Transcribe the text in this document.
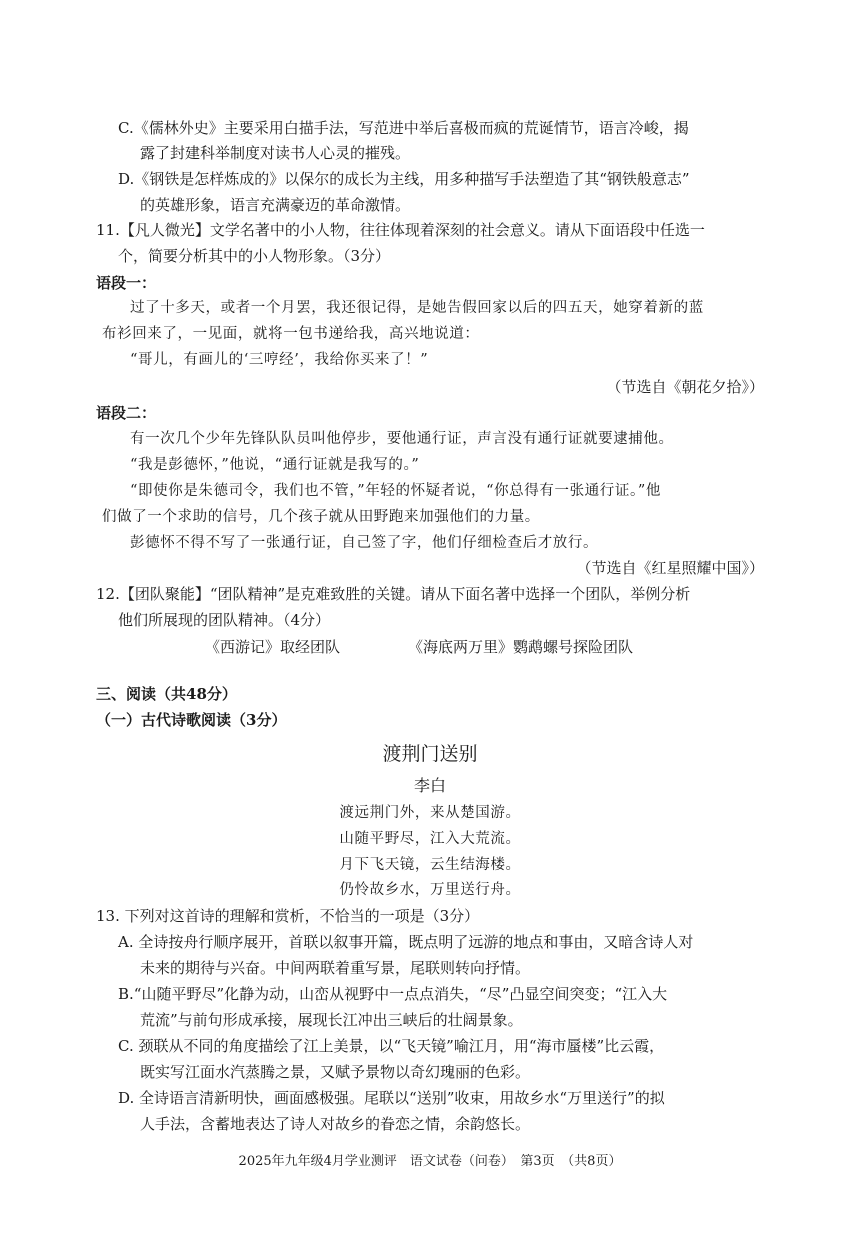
C.《儒林外史》主要采用白描手法，写范进中举后喜极而疯的荒诞情节，语言冷峻，揭
露了封建科举制度对读书人心灵的摧残。
D.《钢铁是怎样炼成的》以保尔的成长为主线，用多种描写手法塑造了其“钢铁般意志”
的英雄形象，语言充满豪迈的革命激情。
11.【凡人微光】文学名著中的小人物，往往体现着深刻的社会意义。请从下面语段中任选一
个，简要分析其中的小人物形象。（3分）
语段一：
过了十多天，或者一个月罢，我还很记得，是她告假回家以后的四五天，她穿着新的蓝
布衫回来了，一见面，就将一包书递给我，高兴地说道：
“哥儿，有画儿的‘三哼经’，我给你买来了！”
（节选自《朝花夕拾》）
语段二：
有一次几个少年先锋队队员叫他停步，要他通行证，声言没有通行证就要逮捕他。
“我是彭德怀，”他说，“通行证就是我写的。”
“即使你是朱德司令，我们也不管，”年轻的怀疑者说，“你总得有一张通行证。”他
们做了一个求助的信号，几个孩子就从田野跑来加强他们的力量。
彭德怀不得不写了一张通行证，自己签了字，他们仔细检查后才放行。
（节选自《红星照耀中国》）
12.【团队聚能】“团队精神”是克难致胜的关键。请从下面名著中选择一个团队，举例分析
他们所展现的团队精神。（4分）
《西游记》取经团队	《海底两万里》鹦鹉螺号探险团队
三、阅读（共48分）
（一）古代诗歌阅读（3分）
渡荆门送别
李白
渡远荆门外，来从楚国游。
山随平野尽，江入大荒流。
月下飞天镜，云生结海楼。
仍怜故乡水，万里送行舟。
13. 下列对这首诗的理解和赏析，不恰当的一项是（3分）
A. 全诗按舟行顺序展开，首联以叙事开篇，既点明了远游的地点和事由，又暗含诗人对
未来的期待与兴奋。中间两联着重写景，尾联则转向抒情。
B.“山随平野尽”化静为动，山峦从视野中一点点消失，“尽”凸显空间突变；“江入大
荒流”与前句形成承接，展现长江冲出三峡后的壮阔景象。
C. 颈联从不同的角度描绘了江上美景，以“飞天镜”喻江月，用“海市蜃楼”比云霞，
既实写江面水汽蒸腾之景，又赋予景物以奇幻瑰丽的色彩。
D. 全诗语言清新明快，画面感极强。尾联以“送别”收束，用故乡水“万里送行”的拟
人手法，含蓄地表达了诗人对故乡的眷恋之情，余韵悠长。
2025年九年级4月学业测评　语文试卷（问卷）　第3页　（共8页）
